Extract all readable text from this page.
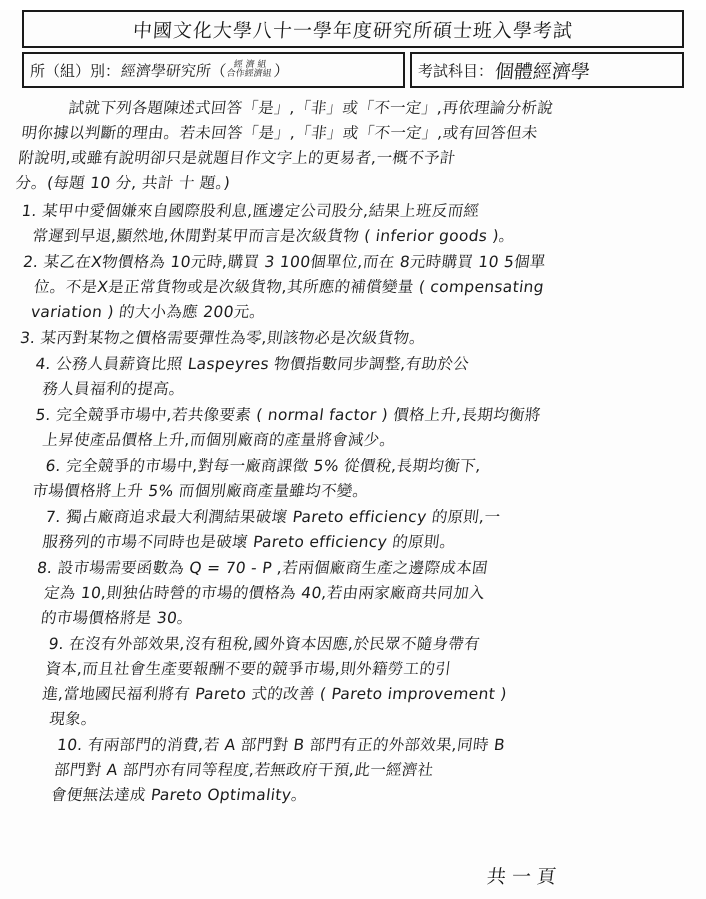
中國文化大學八十一學年度研究所碩士班入學考試
所（組）別： 經濟學研究所（ 經 濟 組
合作經濟組 ）	考試科目： 個體經濟學
試就下列各題陳述式回答「是」,「非」或「不一定」,再依理論分析說
明你據以判斷的理由。若未回答「是」,「非」或「不一定」,或有回答但未
附說明,或雖有說明卻只是就題目作文字上的更易者,一概不予計
分。(每題 10 分, 共計 十 題。)
1. 某甲中愛個嫌來自國際股利息,匯邊定公司股分,結果上班反而經
常遲到早退,顯然地,休閒對某甲而言是次級貨物 ( inferior goods )。
2. 某乙在X物價格為 10元時,購買 3 100個單位,而在 8元時購買 10 5個單
位。不是X是正常貨物或是次級貨物,其所應的補償變量 ( compensating
variation ) 的大小為應 200元。
3. 某丙對某物之價格需要彈性為零,則該物必是次級貨物。
4. 公務人員薪資比照 Laspeyres 物價指數同步調整,有助於公
務人員福利的提高。
5. 完全競爭市場中,若共像要素 ( normal factor ) 價格上升,長期均衡將
上昇使產品價格上升,而個別廠商的產量將會減少。
6. 完全競爭的市場中,對每一廠商課徵 5% 從價稅,長期均衡下,
市場價格將上升 5% 而個別廠商產量雖均不變。
7. 獨占廠商追求最大利潤結果破壞 Pareto efficiency 的原則,一
服務列的市場不同時也是破壞 Pareto efficiency 的原則。
8. 設市場需要函數為 Q = 70 - P ,若兩個廠商生產之邊際成本固
定為 10,則独佔時營的市場的價格為 40,若由兩家廠商共同加入
的市場價格將是 30。
9. 在沒有外部效果,沒有租稅,國外資本因應,於民眾不隨身帶有
資本,而且社會生產要報酬不要的競爭市場,則外籍勞工的引
進,當地國民福利將有 Pareto 式的改善 ( Pareto improvement )
現象。
10. 有兩部門的消費,若 A 部門對 B 部門有正的外部效果,同時 B
部門對 A 部門亦有同等程度,若無政府干預,此一經濟社
會便無法達成 Pareto Optimality。
共 一 頁
